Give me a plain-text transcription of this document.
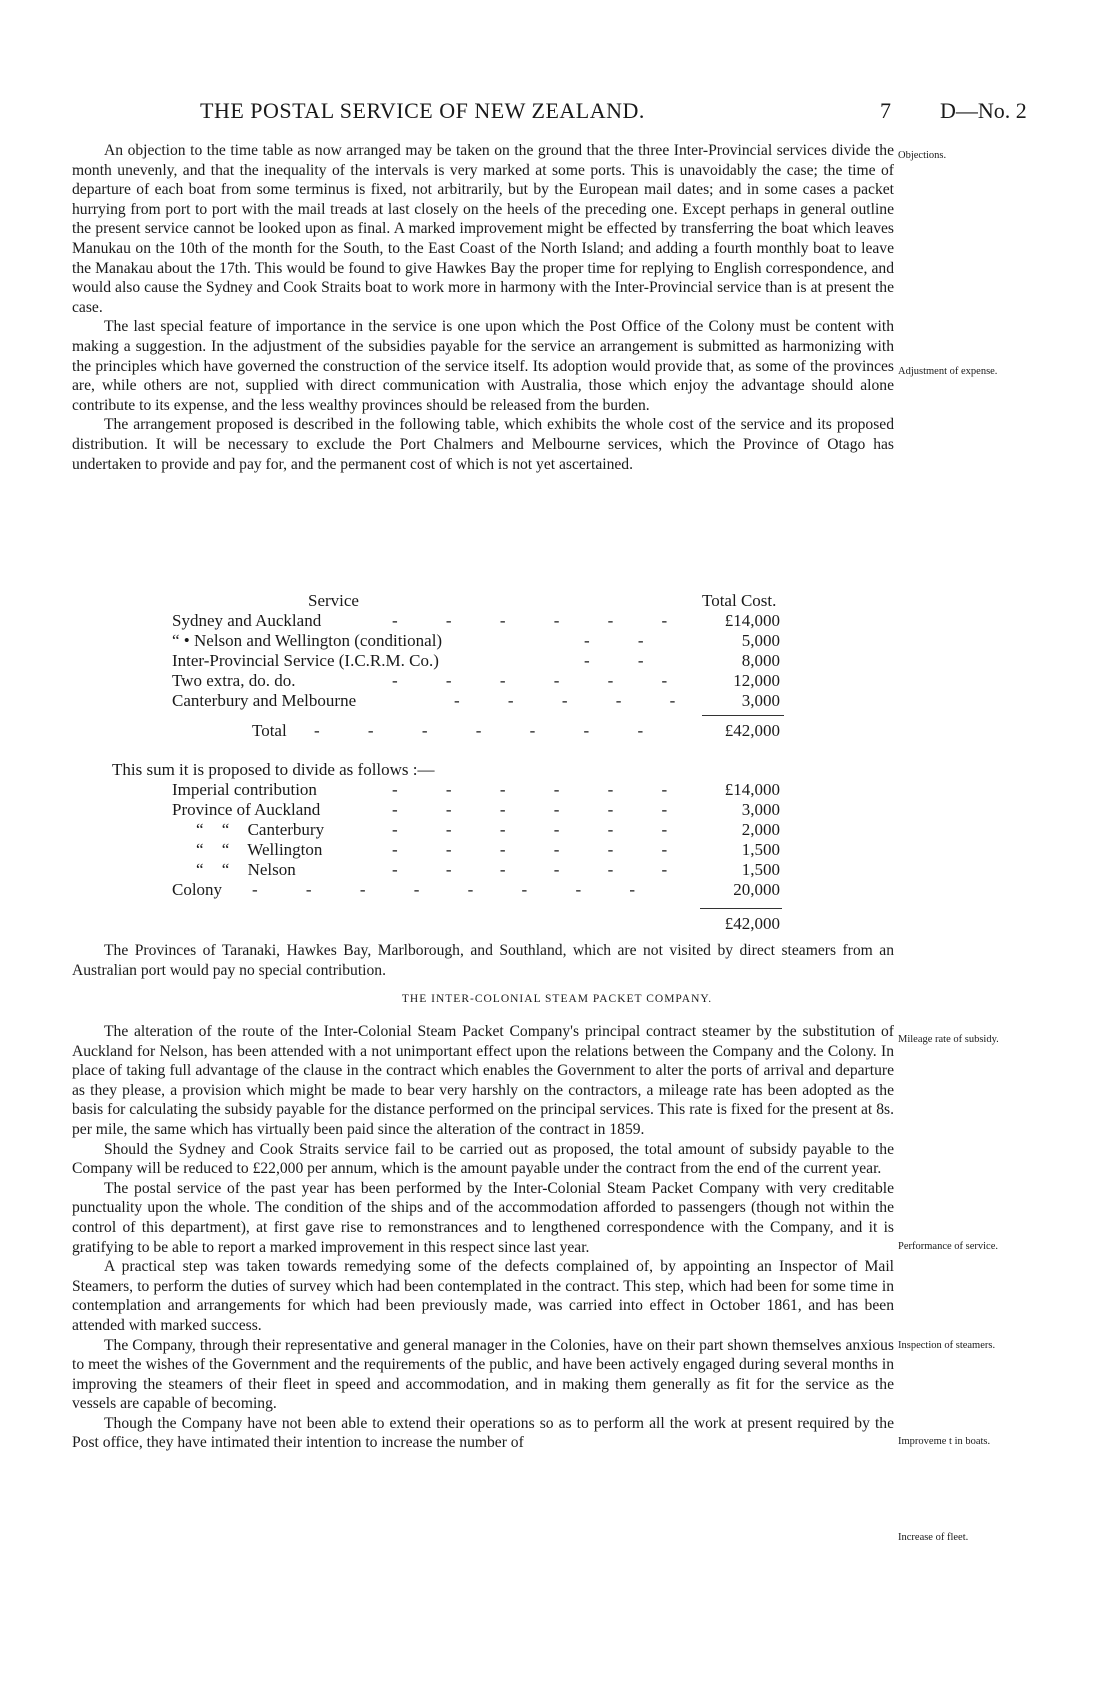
THE POSTAL SERVICE OF NEW ZEALAND.	7 D—No. 2

An objection to the time table as now arranged may be taken on the ground that the three Inter-Provincial services divide the month unevenly, and that the inequality of the intervals is very marked at some ports. This is unavoidably the case; the time of departure of each boat from some terminus is fixed, not arbitrarily, but by the European mail dates; and in some cases a packet hurrying from port to port with the mail treads at last closely on the heels of the preceding one. Except perhaps in general outline the present service cannot be looked upon as final. A marked improvement might be effected by transferring the boat which leaves Manukau on the 10th of the month for the South, to the East Coast of the North Island; and adding a fourth monthly boat to leave the Manakau about the 17th. This would be found to give Hawkes Bay the proper time for replying to English correspondence, and would also cause the Sydney and Cook Straits boat to work more in harmony with the Inter-Provincial service than is at present the case.

The last special feature of importance in the service is one upon which the Post Office of the Colony must be content with making a suggestion. In the adjustment of the subsidies payable for the service an arrangement is submitted as harmonizing with the principles which have governed the construction of the service itself. Its adoption would provide that, as some of the provinces are, while others are not, supplied with direct communication with Australia, those which enjoy the advantage should alone contribute to its expense, and the less wealthy provinces should be released from the burden.

The arrangement proposed is described in the following table, which exhibits the whole cost of the service and its proposed distribution. It will be necessary to exclude the Port Chalmers and Melbourne services, which the Province of Otago has undertaken to provide and pay for, and the permanent cost of which is not yet ascertained.

Objections.
Adjustment of expense.
Service	Total Cost.
Sydney and Auckland	- - - - - -	£14,000
“ • Nelson and Wellington (conditional)	- -	5,000
Inter-Provincial Service (I.C.R.M. Co.)	- -	8,000
Two extra, do. do.	- - - - - -	12,000
Canterbury and Melbourne	- - - - -	3,000
Total - - - - - - -	£42,000
This sum it is proposed to divide as follows :—
Imperial contribution	- - - - - -	£14,000
Province of Auckland	- - - - - -	3,000
“ “ Canterbury	- - - - - -	2,000
“ “ Wellington	- - - - - -	1,500
“ “ Nelson	- - - - - -	1,500
Colony - - - - - - - -	20,000
£42,000

The Provinces of Taranaki, Hawkes Bay, Marlborough, and Southland, which are not visited by direct steamers from an Australian port would pay no special contribution.

THE INTER-COLONIAL STEAM PACKET COMPANY.

The alteration of the route of the Inter-Colonial Steam Packet Company's principal contract steamer by the substitution of Auckland for Nelson, has been attended with a not unimportant effect upon the relations between the Company and the Colony. In place of taking full advantage of the clause in the contract which enables the Government to alter the ports of arrival and departure as they please, a provision which might be made to bear very harshly on the contractors, a mileage rate has been adopted as the basis for calculating the subsidy payable for the distance performed on the principal services. This rate is fixed for the present at 8s. per mile, the same which has virtually been paid since the alteration of the contract in 1859.

Should the Sydney and Cook Straits service fail to be carried out as proposed, the total amount of subsidy payable to the Company will be reduced to £22,000 per annum, which is the amount payable under the contract from the end of the current year.

The postal service of the past year has been performed by the Inter-Colonial Steam Packet Company with very creditable punctuality upon the whole. The condition of the ships and of the accommodation afforded to passengers (though not within the control of this department), at first gave rise to remonstrances and to lengthened correspondence with the Company, and it is gratifying to be able to report a marked improvement in this respect since last year.

A practical step was taken towards remedying some of the defects complained of, by appointing an Inspector of Mail Steamers, to perform the duties of survey which had been contemplated in the contract. This step, which had been for some time in contemplation and arrangements for which had been previously made, was carried into effect in October 1861, and has been attended with marked success.

The Company, through their representative and general manager in the Colonies, have on their part shown themselves anxious to meet the wishes of the Government and the requirements of the public, and have been actively engaged during several months in improving the steamers of their fleet in speed and accommodation, and in making them generally as fit for the service as the vessels are capable of becoming.

Though the Company have not been able to extend their operations so as to perform all the work at present required by the Post office, they have intimated their intention to increase the number of

Mileage rate of subsidy.
Performance of service.
Inspection of steamers.
Improveme t in boats.
Increase of fleet.
